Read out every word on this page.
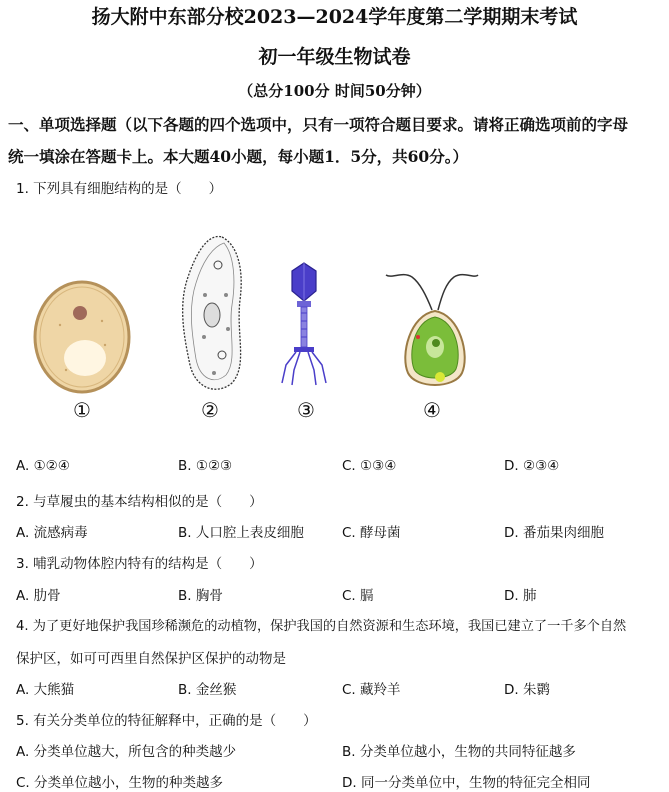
扬大附中东部分校2023—2024学年度第二学期期末考试
初一年级生物试卷
（总分100分 时间50分钟）
一、单项选择题（以下各题的四个选项中，只有一项符合题目要求。请将正确选项前的字母
统一填涂在答题卡上。本大题40小题，每小题1．5分，共60分。）
1. 下列具有细胞结构的是（　　）
①	②	③	④
A. ①②④	B. ①②③	C. ①③④	D. ②③④
2. 与草履虫的基本结构相似的是（　　）
A. 流感病毒	B. 人口腔上表皮细胞	C. 酵母菌	D. 番茄果肉细胞
3. 哺乳动物体腔内特有的结构是（　　）
A. 肋骨	B. 胸骨	C. 膈	D. 肺
4. 为了更好地保护我国珍稀濒危的动植物，保护我国的自然资源和生态环境，我国已建立了一千多个自然
保护区，如可可西里自然保护区保护的动物是
A. 大熊猫	B. 金丝猴	C. 藏羚羊	D. 朱鹮
5. 有关分类单位的特征解释中，正确的是（　　）
A. 分类单位越大，所包含的种类越少	B. 分类单位越小，生物的共同特征越多
C. 分类单位越小，生物的种类越多	D. 同一分类单位中，生物的特征完全相同
